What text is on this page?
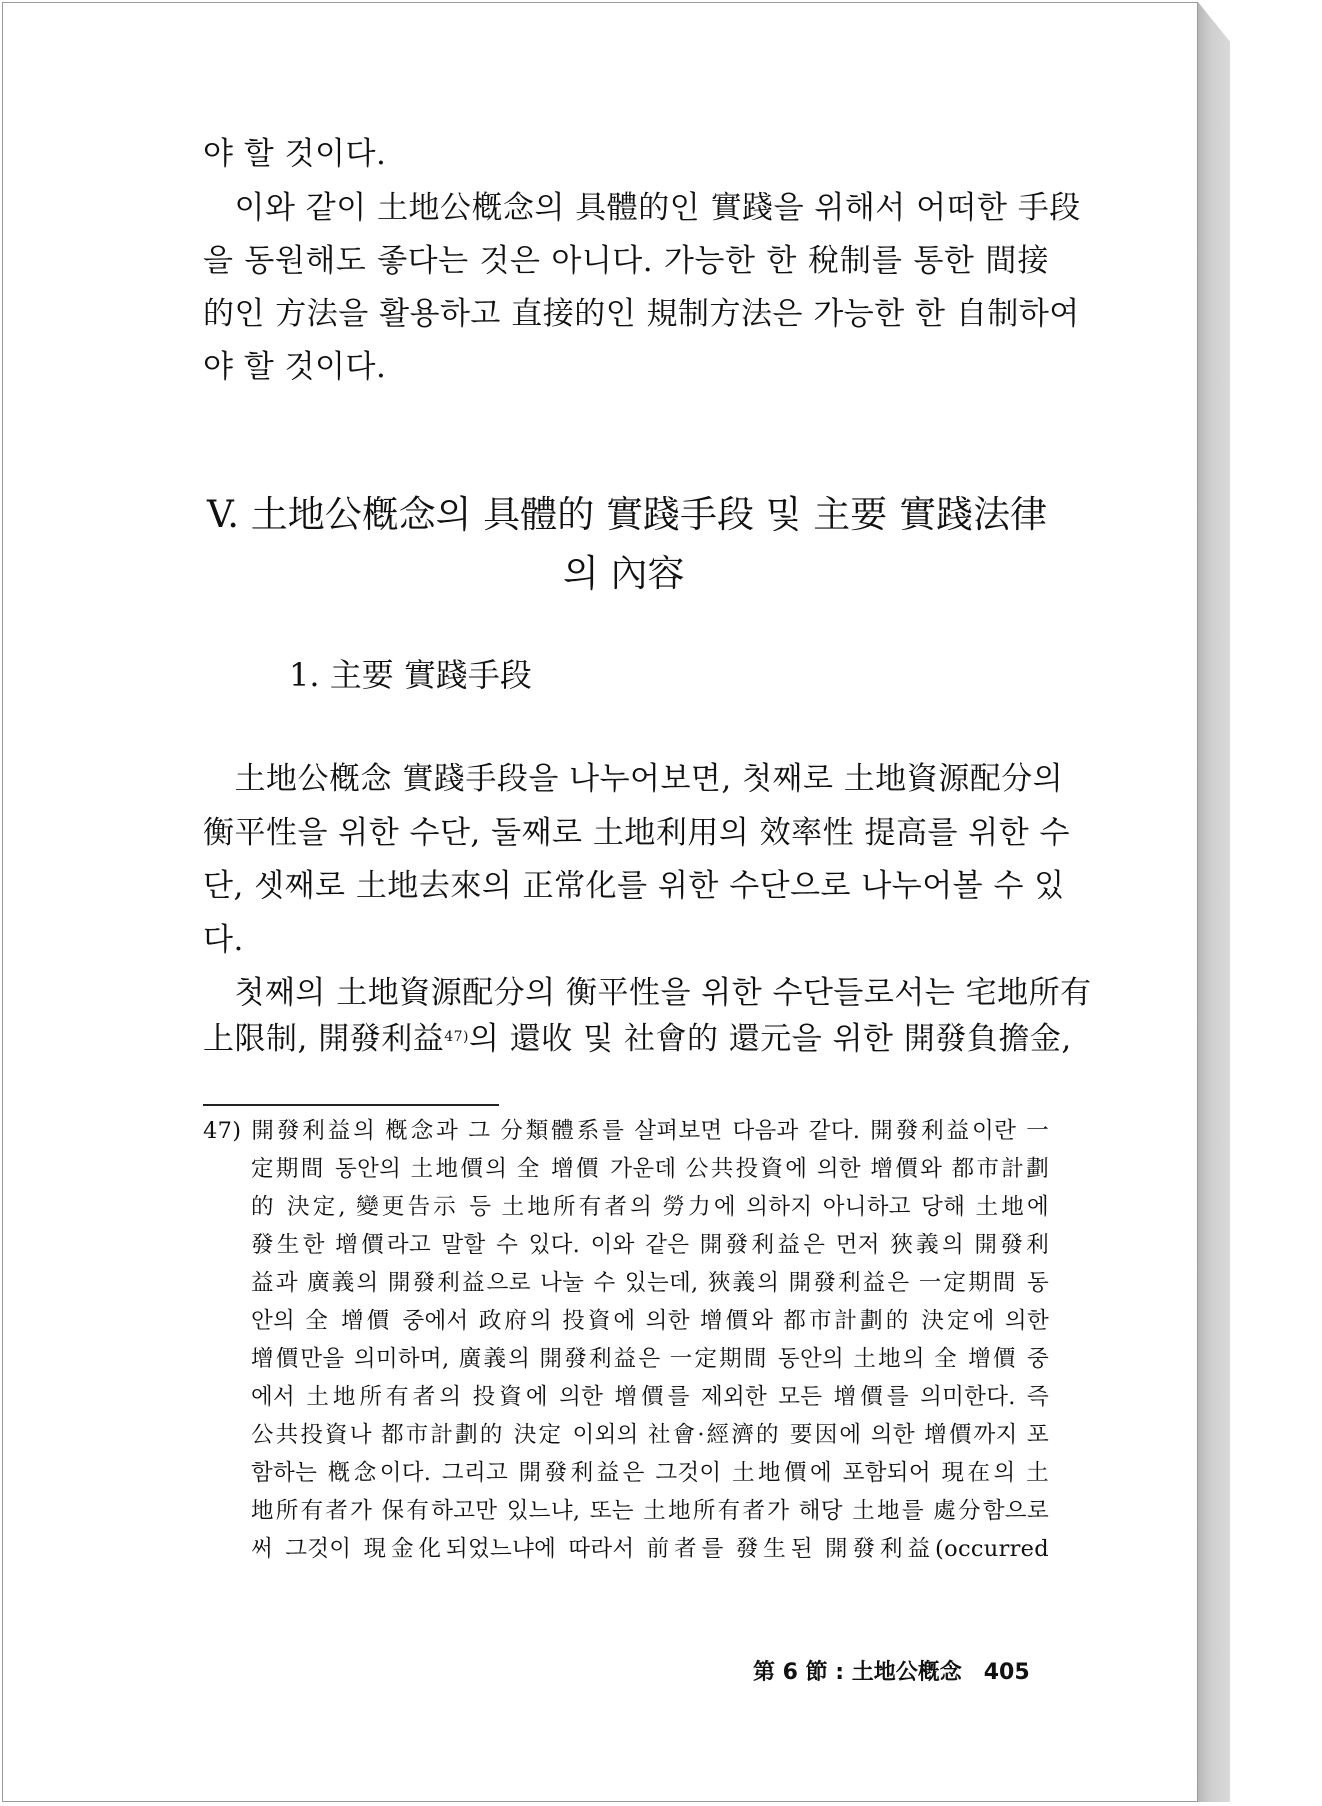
야 할 것이다.
　이와 같이 土地公槪念의 具體的인 實踐을 위해서 어떠한 手段
을 동원해도 좋다는 것은 아니다. 가능한 한 稅制를 통한 間接
的인 方法을 활용하고 直接的인 規制方法은 가능한 한 自制하여
야 할 것이다.
V. 土地公槪念의 具體的 實踐手段 및 主要 實踐法律
의 內容
1. 主要 實踐手段
　土地公槪念 實踐手段을 나누어보면, 첫째로 土地資源配分의
衡平性을 위한 수단, 둘째로 土地利用의 效率性 提高를 위한 수
단, 셋째로 土地去來의 正常化를 위한 수단으로 나누어볼 수 있
다.
　첫째의 土地資源配分의 衡平性을 위한 수단들로서는 宅地所有
上限制, 開發利益$^{47)}$의 還收 및 社會的 還元을 위한 開發負擔金,
47) 開發利益의 槪念과 그 分類體系를 살펴보면 다음과 같다. 開發利益이란 一
定期間 동안의 土地價의 全 增價 가운데 公共投資에 의한 增價와 都市計劃
的 決定, 變更告示 등 土地所有者의 勞力에 의하지 아니하고 당해 土地에
發生한 增價라고 말할 수 있다. 이와 같은 開發利益은 먼저 狹義의 開發利
益과 廣義의 開發利益으로 나눌 수 있는데, 狹義의 開發利益은 一定期間 동
안의 全 增價 중에서 政府의 投資에 의한 增價와 都市計劃的 決定에 의한
增價만을 의미하며, 廣義의 開發利益은 一定期間 동안의 土地의 全 增價 중
에서 土地所有者의 投資에 의한 增價를 제외한 모든 增價를 의미한다. 즉
公共投資나 都市計劃的 決定 이외의 社會·經濟的 要因에 의한 增價까지 포
함하는 槪念이다. 그리고 開發利益은 그것이 土地價에 포함되어 現在의 土
地所有者가 保有하고만 있느냐, 또는 土地所有者가 해당 土地를 處分함으로
써 그것이 現金化되었느냐에 따라서 前者를 發生된 開發利益(occurred
第 6 節 : 土地公槪念 405
